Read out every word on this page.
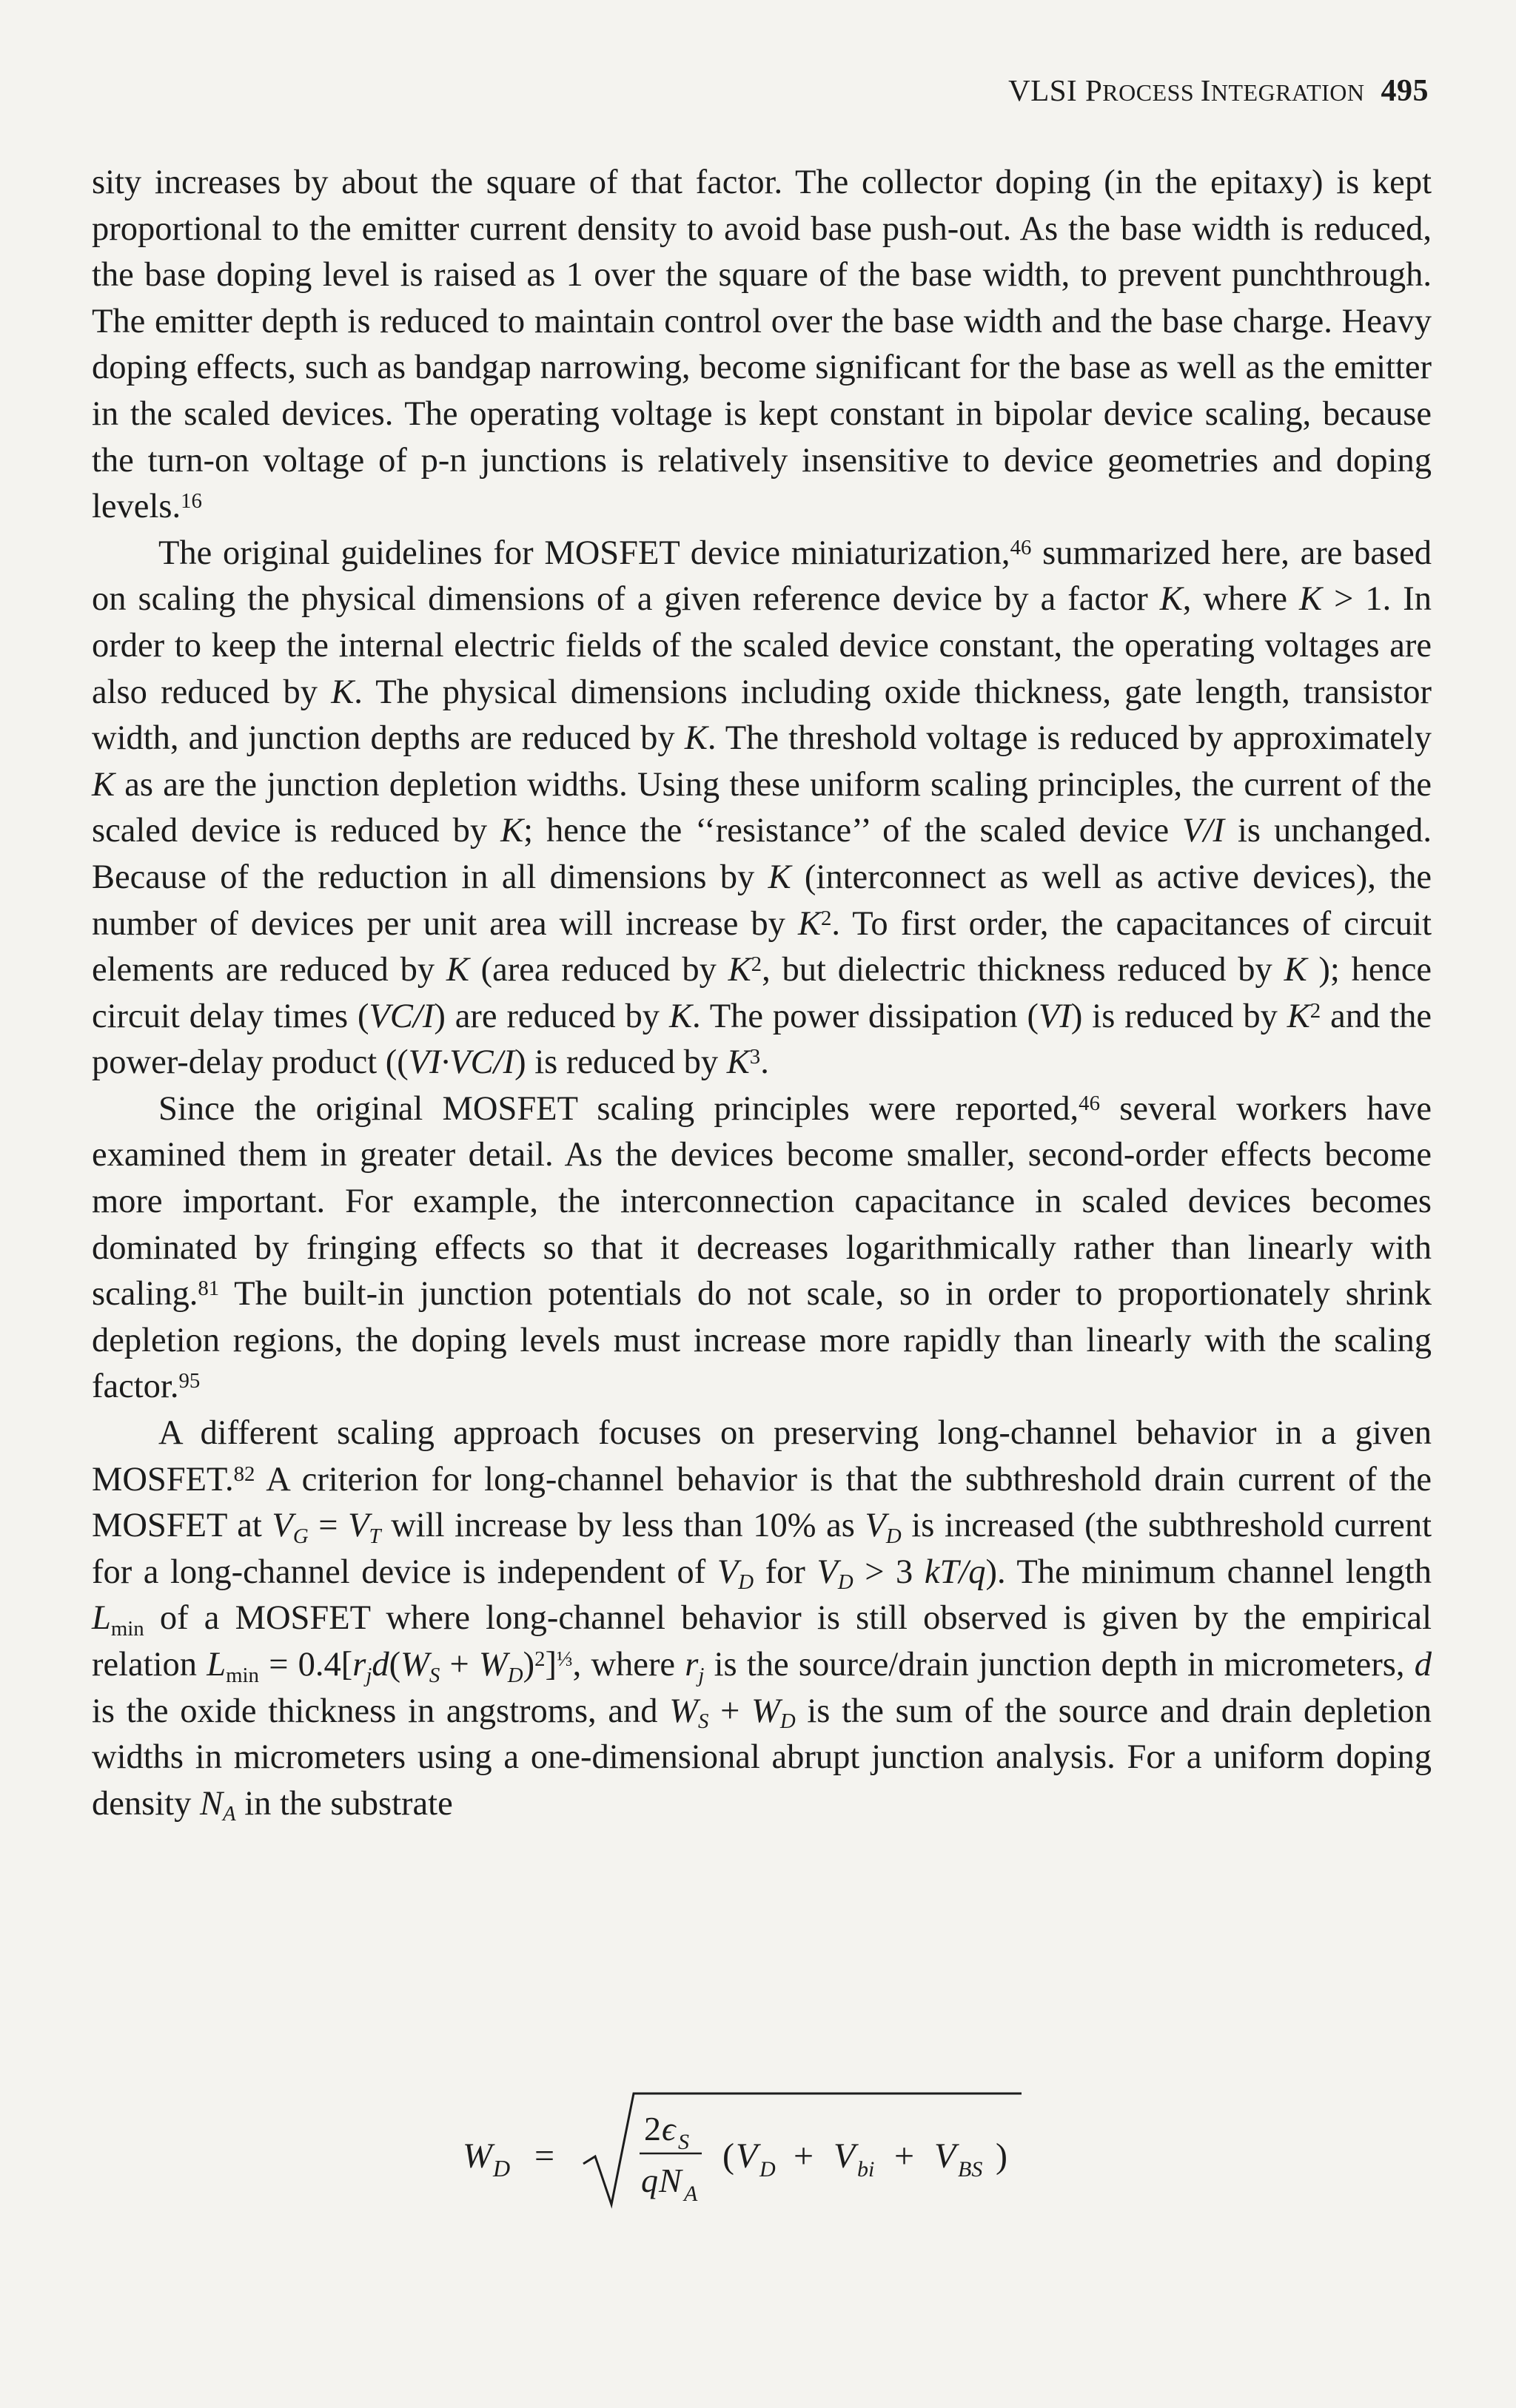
VLSI PROCESS INTEGRATION 495

sity increases by about the square of that factor. The collector doping (in the epitaxy) is kept proportional to the emitter current density to avoid base push-out. As the base width is reduced, the base doping level is raised as 1 over the square of the base width, to prevent punchthrough. The emitter depth is reduced to maintain control over the base width and the base charge. Heavy doping effects, such as bandgap narrowing, become significant for the base as well as the emitter in the scaled devices. The operating voltage is kept constant in bipolar device scaling, because the turn-on voltage of p-n junctions is relatively insensitive to device geometries and doping levels.$^{16}$

The original guidelines for MOSFET device miniaturization,$^{46}$ summarized here, are based on scaling the physical dimensions of a given reference device by a factor K, where K > 1. In order to keep the internal electric fields of the scaled device constant, the operating voltages are also reduced by K. The physical dimensions including oxide thickness, gate length, transistor width, and junction depths are reduced by K. The threshold voltage is reduced by approximately K as are the junction depletion widths. Using these uniform scaling principles, the current of the scaled device is reduced by K; hence the ‘‘resistance’’ of the scaled device V/I is unchanged. Because of the reduction in all dimensions by K (interconnect as well as active devices), the number of devices per unit area will increase by $K^2$. To first order, the capacitances of circuit elements are reduced by K (area reduced by $K^2$, but dielectric thickness reduced by K ); hence circuit delay times (VC/I) are reduced by K. The power dissipation (VI) is reduced by $K^2$ and the power-delay product ((VI·VC/I) is reduced by $K^3$.

Since the original MOSFET scaling principles were reported,$^{46}$ several workers have examined them in greater detail. As the devices become smaller, second-order effects become more important. For example, the interconnection capacitance in scaled devices becomes dominated by fringing effects so that it decreases logarithmically rather than linearly with scaling.$^{81}$ The built-in junction potentials do not scale, so in order to proportionately shrink depletion regions, the doping levels must increase more rapidly than linearly with the scaling factor.$^{95}$

A different scaling approach focuses on preserving long-channel behavior in a given MOSFET.$^{82}$ A criterion for long-channel behavior is that the subthreshold drain current of the MOSFET at $V_G = V_T$ will increase by less than 10% as $V_D$ is increased (the subthreshold current for a long-channel device is independent of $V_D$ for $V_D > 3$ kT/q). The minimum channel length $L_{min}$ of a MOSFET where long-channel behavior is still observed is given by the empirical relation $L_{min} = 0.4[r_jd(W_S + W_D)^2]^{\frac{1}{3}}$, where $r_j$ is the source/drain junction depth in micrometers, d is the oxide thickness in angstroms, and $W_S + W_D$ is the sum of the source and drain depletion widths in micrometers using a one-dimensional abrupt junction analysis. For a uniform doping density $N_A$ in the substrate

W D =
2 ϵ S
q N A
( V D + V bi + V BS )
